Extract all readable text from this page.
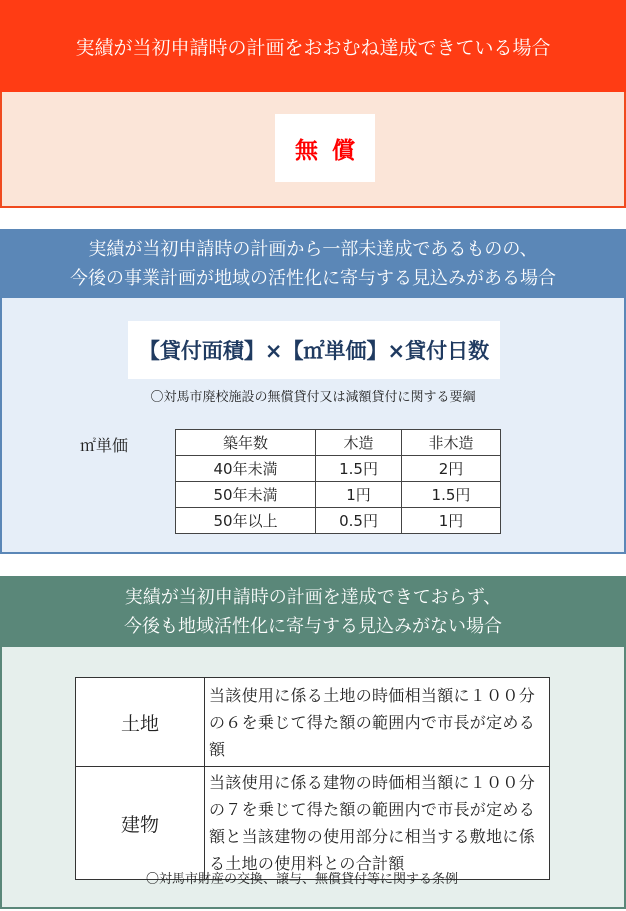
実績が当初申請時の計画をおおむね達成できている場合
無償
実績が当初申請時の計画から一部未達成であるものの、
今後の事業計画が地域の活性化に寄与する見込みがある場合
【貸付面積】×【㎡単価】×貸付日数
〇対馬市廃校施設の無償貸付又は減額貸付に関する要綱
㎡単価	築年数	木造	非木造
40年未満	1.5円	2円
50年未満	1円	1.5円
50年以上	0.5円	1円
実績が当初申請時の計画を達成できておらず、
今後も地域活性化に寄与する見込みがない場合
土地	当該使用に係る土地の時価相当額に１００分の６を乗じて得た額の範囲内で市長が定める額
建物	当該使用に係る建物の時価相当額に１００分の７を乗じて得た額の範囲内で市長が定める額と当該建物の使用部分に相当する敷地に係る土地の使用料との合計額
〇対馬市財産の交換、譲与、無償貸付等に関する条例
